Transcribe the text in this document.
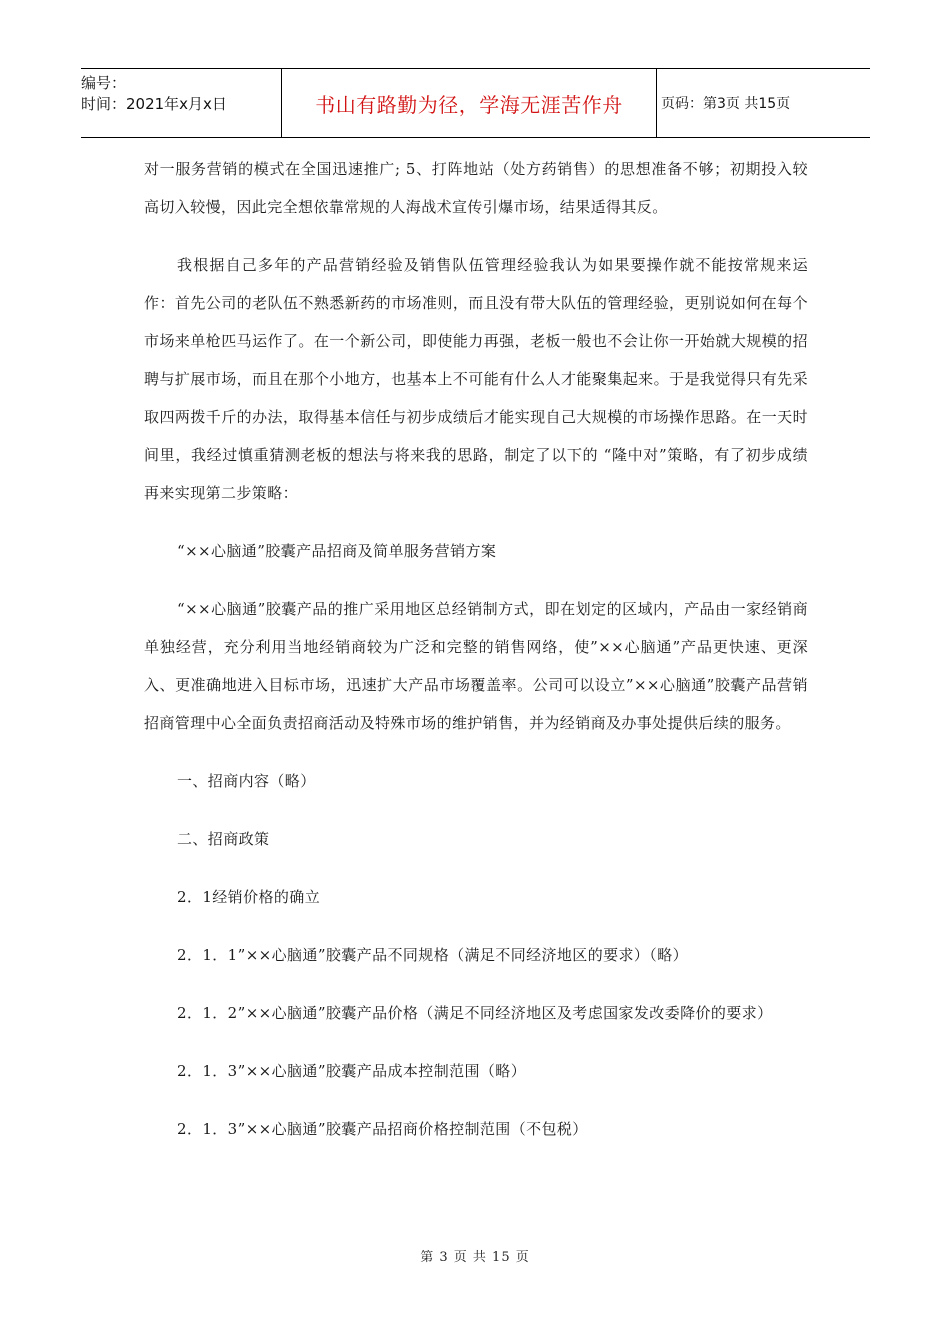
编号：
时间：2021年x月x日	书山有路勤为径，学海无涯苦作舟	页码：第3页 共15页

对一服务营销的模式在全国迅速推广; 5、打阵地站（处方药销售）的思想准备不够；初期投入较高切入较慢，因此完全想依靠常规的人海战术宣传引爆市场，结果适得其反。

我根据自己多年的产品营销经验及销售队伍管理经验我认为如果要操作就不能按常规来运作：首先公司的老队伍不熟悉新药的市场准则，而且没有带大队伍的管理经验，更别说如何在每个市场来单枪匹马运作了。在一个新公司，即使能力再强，老板一般也不会让你一开始就大规模的招聘与扩展市场，而且在那个小地方，也基本上不可能有什么人才能聚集起来。于是我觉得只有先采取四两拨千斤的办法，取得基本信任与初步成绩后才能实现自己大规模的市场操作思路。在一天时间里，我经过慎重猜测老板的想法与将来我的思路，制定了以下的 “隆中对”策略，有了初步成绩再来实现第二步策略：

“××心脑通”胶囊产品招商及简单服务营销方案

“××心脑通”胶囊产品的推广采用地区总经销制方式，即在划定的区域内，产品由一家经销商单独经营，充分利用当地经销商较为广泛和完整的销售网络，使”××心脑通”产品更快速、更深入、更准确地进入目标市场，迅速扩大产品市场覆盖率。公司可以设立”××心脑通”胶囊产品营销招商管理中心全面负责招商活动及特殊市场的维护销售，并为经销商及办事处提供后续的服务。

一、招商内容（略）

二、招商政策

2．1经销价格的确立

2．1．1”××心脑通”胶囊产品不同规格（满足不同经济地区的要求）（略）

2．1．2”××心脑通”胶囊产品价格（满足不同经济地区及考虑国家发改委降价的要求）

2．1．3”××心脑通”胶囊产品成本控制范围（略）

2．1．3”××心脑通”胶囊产品招商价格控制范围（不包税）

第 3 页 共 15 页
